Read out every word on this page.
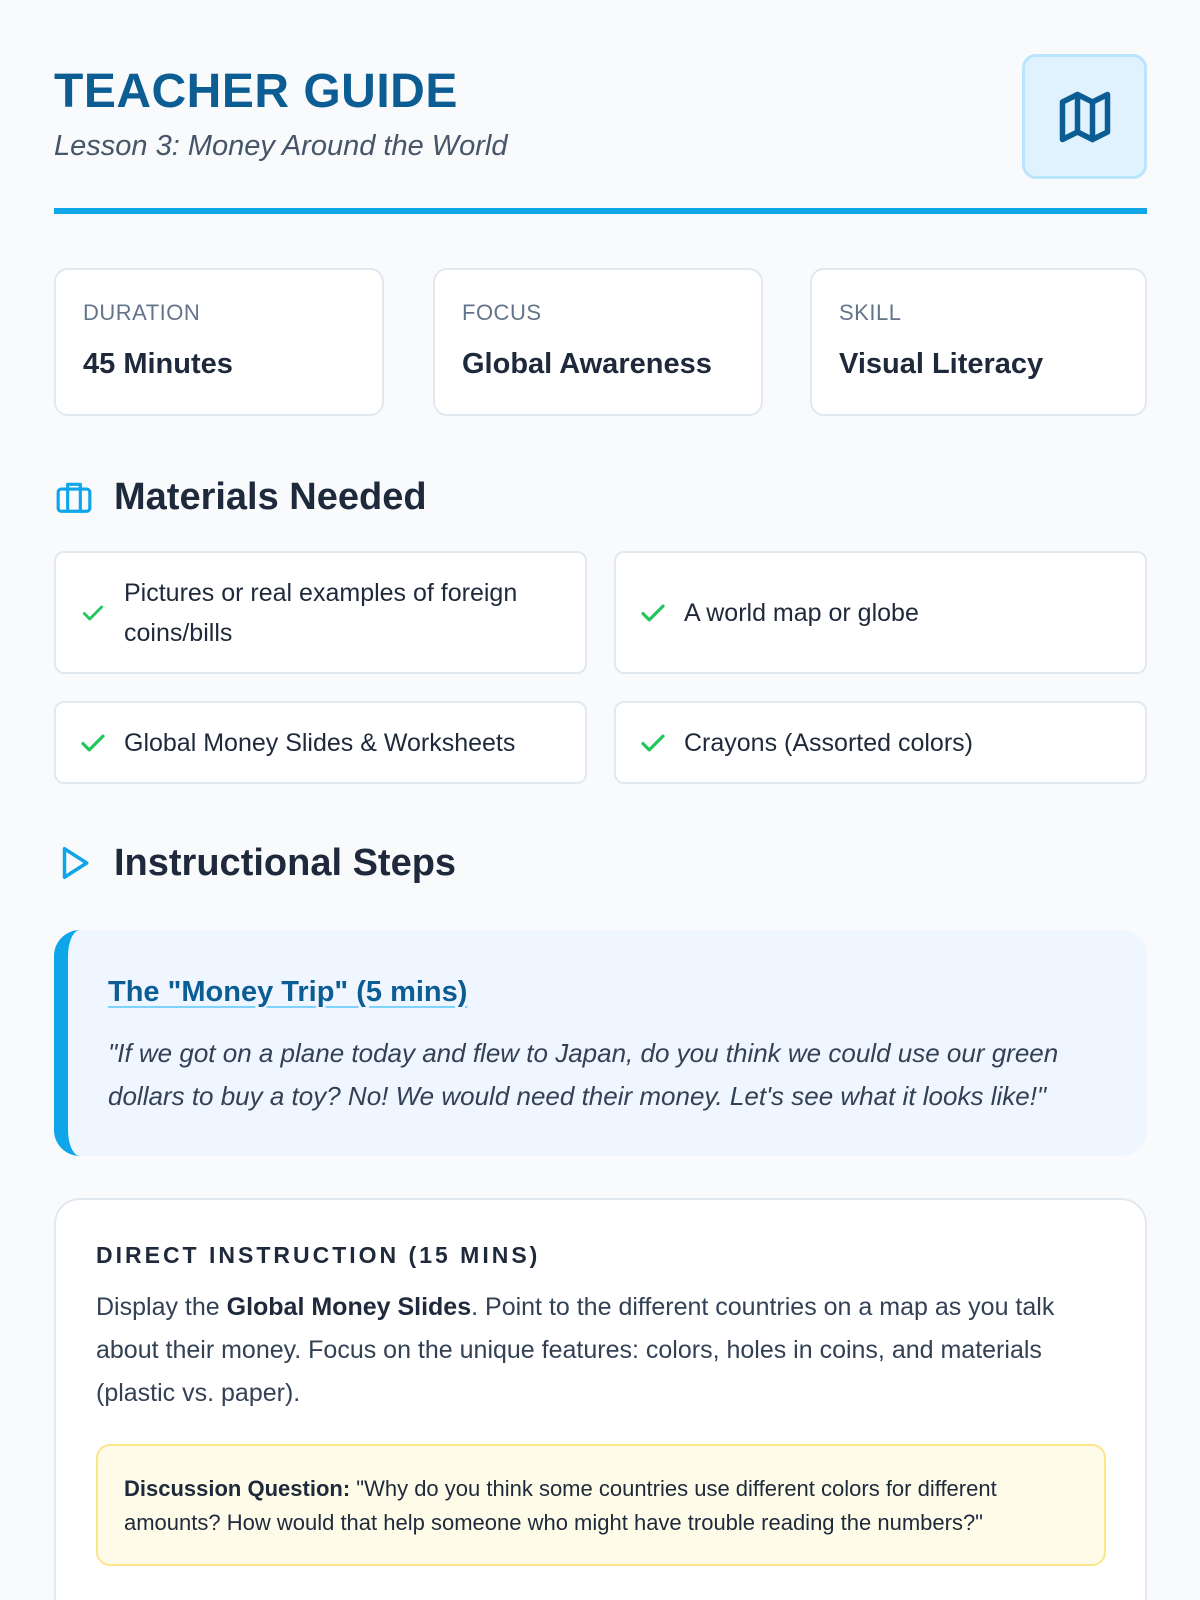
TEACHER GUIDE
Lesson 3: Money Around the World
DURATION
45 Minutes
FOCUS
Global Awareness
SKILL
Visual Literacy
Materials Needed
Pictures or real examples of foreign coins/bills
A world map or globe
Global Money Slides & Worksheets	Crayons (Assorted colors)
Instructional Steps
The "Money Trip" (5 mins)
"If we got on a plane today and flew to Japan, do you think we could use our green dollars to buy a toy? No! We would need their money. Let's see what it looks like!"
DIRECT INSTRUCTION (15 MINS)
Display the Global Money Slides. Point to the different countries on a map as you talk about their money. Focus on the unique features: colors, holes in coins, and materials (plastic vs. paper).
Discussion Question: "Why do you think some countries use different colors for different amounts? How would that help someone who might have trouble reading the numbers?"
